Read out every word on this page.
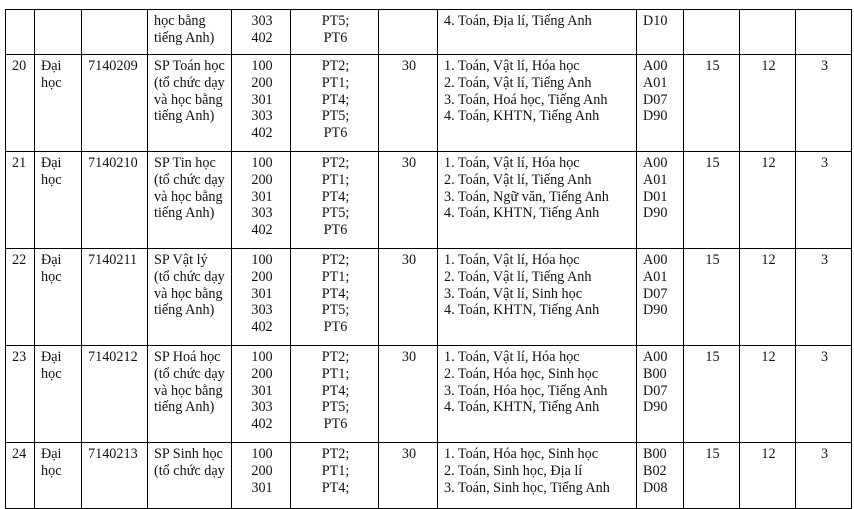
			học bằng
tiếng Anh)	303
402	PT5;
PT6		4. Toán, Địa lí, Tiếng Anh	D10			

20	Đại
học	7140209	SP Toán học
(tổ chức dạy
và học bằng
tiếng Anh)	100
200
301
303
402	PT2;
PT1;
PT4;
PT5;
PT6	30	1. Toán, Vật lí, Hóa học
2. Toán, Vật lí, Tiếng Anh
3. Toán, Hoá học, Tiếng Anh
4. Toán, KHTN, Tiếng Anh	A00
A01
D07
D90	15	12	3
21	Đại
học	7140210	SP Tin học
(tổ chức dạy
và học bằng
tiếng Anh)	100
200
301
303
402	PT2;
PT1;
PT4;
PT5;
PT6	30	1. Toán, Vật lí, Hóa học
2. Toán, Vật lí, Tiếng Anh
3. Toán, Ngữ văn, Tiếng Anh
4. Toán, KHTN, Tiếng Anh	A00
A01
D01
D90	15	12	3
22	Đại
học	7140211	SP Vật lý
(tổ chức dạy
và học bằng
tiếng Anh)	100
200
301
303
402	PT2;
PT1;
PT4;
PT5;
PT6	30	1. Toán, Vật lí, Hóa học
2. Toán, Vật lí, Tiếng Anh
3. Toán, Vật lí, Sinh học
4. Toán, KHTN, Tiếng Anh	A00
A01
D07
D90	15	12	3
23	Đại
học	7140212	SP Hoá học
(tổ chức dạy
và học bằng
tiếng Anh)	100
200
301
303
402	PT2;
PT1;
PT4;
PT5;
PT6	30	1. Toán, Vật lí, Hóa học
2. Toán, Hóa học, Sinh học
3. Toán, Hóa học, Tiếng Anh
4. Toán, KHTN, Tiếng Anh	A00
B00
D07
D90	15	12	3
24	Đại
học	7140213	SP Sinh học
(tổ chức dạy	100
200
301	PT2;
PT1;
PT4;	30	1. Toán, Hóa học, Sinh học
2. Toán, Sinh học, Địa lí
3. Toán, Sinh học, Tiếng Anh	B00
B02
D08	15	12	3
